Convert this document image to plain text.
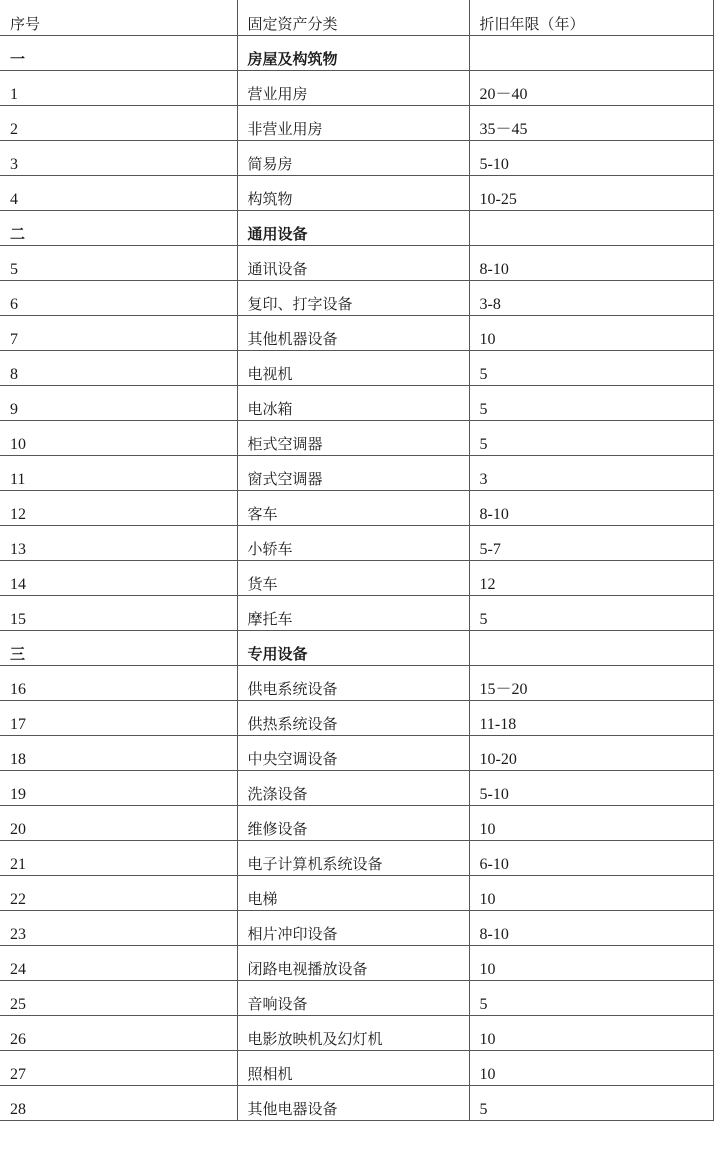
序号	固定资产分类	折旧年限（年）
一	房屋及构筑物	
1	营业用房	20－40
2	非营业用房	35－45
3	简易房	5-10
4	构筑物	10-25
二	通用设备	
5	通讯设备	8-10
6	复印、打字设备	3-8
7	其他机器设备	10
8	电视机	5
9	电冰箱	5
10	柜式空调器	5
11	窗式空调器	3
12	客车	8-10
13	小轿车	5-7
14	货车	12
15	摩托车	5
三	专用设备	
16	供电系统设备	15－20
17	供热系统设备	11-18
18	中央空调设备	10-20
19	洗涤设备	5-10
20	维修设备	10
21	电子计算机系统设备	6-10
22	电梯	10
23	相片冲印设备	8-10
24	闭路电视播放设备	10
25	音响设备	5
26	电影放映机及幻灯机	10
27	照相机	10
28	其他电器设备	5
